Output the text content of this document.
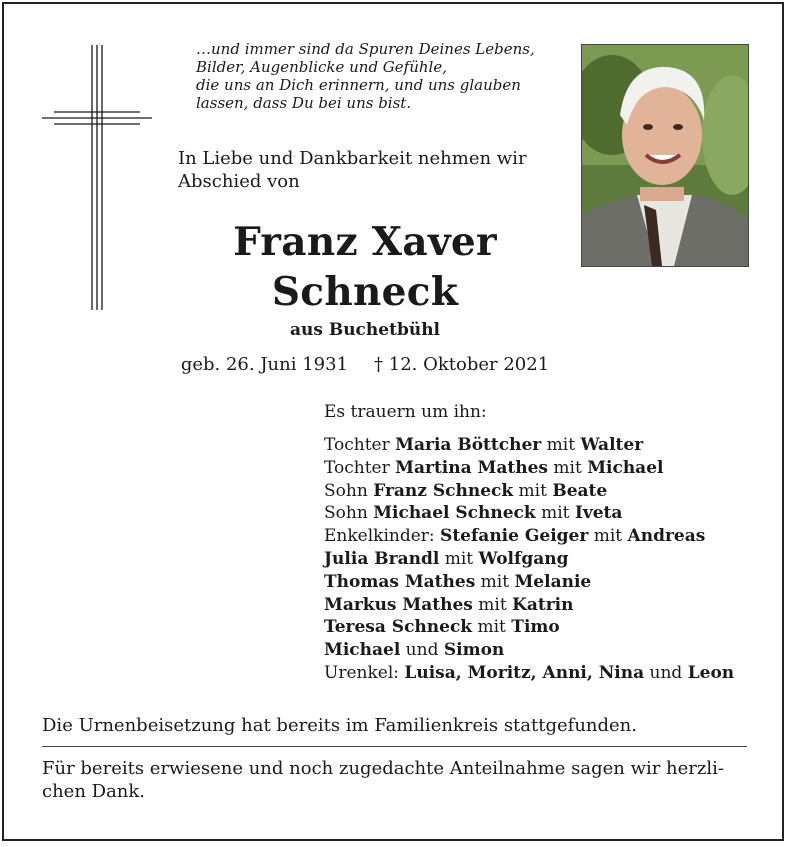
…und immer sind da Spuren Deines Lebens,
Bilder, Augenblicke und Gefühle,
die uns an Dich erinnern, und uns glauben
lassen, dass Du bei uns bist.
In Liebe und Dankbarkeit nehmen wir
Abschied von
Franz Xaver
Schneck
aus Buchetbühl
geb. 26. Juni 1931 † 12. Oktober 2021
Es trauern um ihn:
Tochter Maria Böttcher mit Walter
Tochter Martina Mathes mit Michael
Sohn Franz Schneck mit Beate
Sohn Michael Schneck mit Iveta
Enkelkinder: Stefanie Geiger mit Andreas
Julia Brandl mit Wolfgang
Thomas Mathes mit Melanie
Markus Mathes mit Katrin
Teresa Schneck mit Timo
Michael und Simon
Urenkel: Luisa, Moritz, Anni, Nina und Leon
Die Urnenbeisetzung hat bereits im Familienkreis stattgefunden.
Für bereits erwiesene und noch zugedachte Anteilnahme sagen wir herzli-
chen Dank.
